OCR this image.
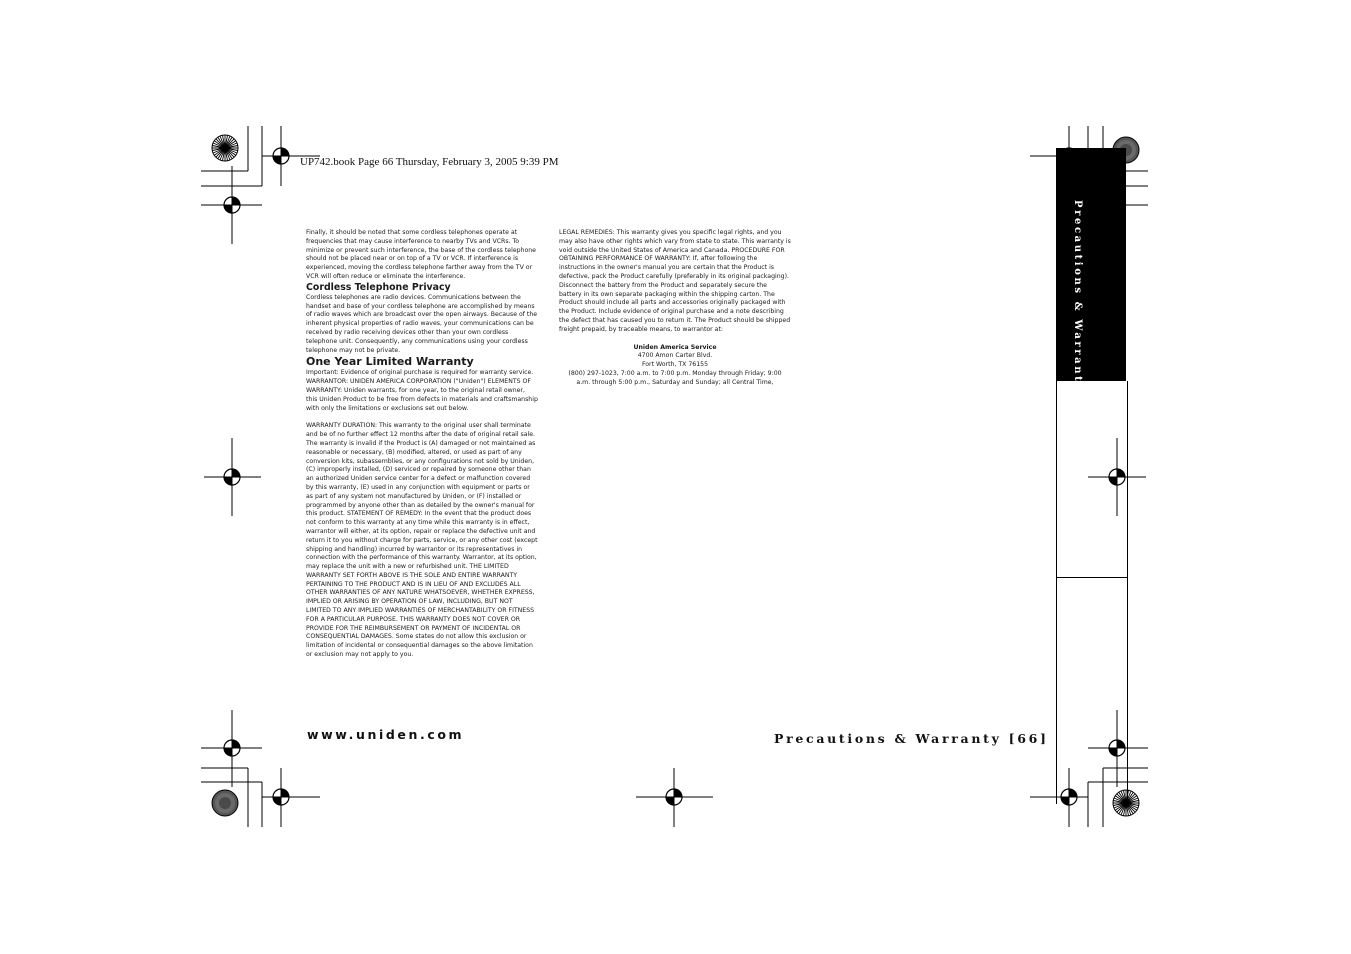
UP742.book Page 66 Thursday, February 3, 2005 9:39 PM
Precautions & Warranty

Finally, it should be noted that some cordless telephones operate at frequencies that may cause interference to nearby TVs and VCRs. To minimize or prevent such interference, the base of the cordless telephone should not be placed near or on top of a TV or VCR. If interference is experienced, moving the cordless telephone farther away from the TV or VCR will often reduce or eliminate the interference.

Cordless Telephone Privacy

Cordless telephones are radio devices. Communications between the handset and base of your cordless telephone are accomplished by means of radio waves which are broadcast over the open airways. Because of the inherent physical properties of radio waves, your communications can be received by radio receiving devices other than your own cordless telephone unit. Consequently, any communications using your cordless telephone may not be private.

One Year Limited Warranty

Important: Evidence of original purchase is required for warranty service.

WARRANTOR: UNIDEN AMERICA CORPORATION ("Uniden") ELEMENTS OF WARRANTY: Uniden warrants, for one year, to the original retail owner, this Uniden Product to be free from defects in materials and craftsmanship with only the limitations or exclusions set out below.

WARRANTY DURATION: This warranty to the original user shall terminate and be of no further effect 12 months after the date of original retail sale. The warranty is invalid if the Product is (A) damaged or not maintained as reasonable or necessary, (B) modified, altered, or used as part of any conversion kits, subassemblies, or any configurations not sold by Uniden, (C) improperly installed, (D) serviced or repaired by someone other than an authorized Uniden service center for a defect or malfunction covered by this warranty, (E) used in any conjunction with equipment or parts or as part of any system not manufactured by Uniden, or (F) installed or programmed by anyone other than as detailed by the owner's manual for this product. STATEMENT OF REMEDY: In the event that the product does not conform to this warranty at any time while this warranty is in effect, warrantor will either, at its option, repair or replace the defective unit and return it to you without charge for parts, service, or any other cost (except shipping and handling) incurred by warrantor or its representatives in connection with the performance of this warranty. Warrantor, at its option, may replace the unit with a new or refurbished unit. THE LIMITED WARRANTY SET FORTH ABOVE IS THE SOLE AND ENTIRE WARRANTY PERTAINING TO THE PRODUCT AND IS IN LIEU OF AND EXCLUDES ALL OTHER WARRANTIES OF ANY NATURE WHATSOEVER, WHETHER EXPRESS, IMPLIED OR ARISING BY OPERATION OF LAW, INCLUDING, BUT NOT LIMITED TO ANY IMPLIED WARRANTIES OF MERCHANTABILITY OR FITNESS FOR A PARTICULAR PURPOSE. THIS WARRANTY DOES NOT COVER OR PROVIDE FOR THE REIMBURSEMENT OR PAYMENT OF INCIDENTAL OR CONSEQUENTIAL DAMAGES. Some states do not allow this exclusion or limitation of incidental or consequential damages so the above limitation or exclusion may not apply to you.

LEGAL REMEDIES: This warranty gives you specific legal rights, and you may also have other rights which vary from state to state. This warranty is void outside the United States of America and Canada. PROCEDURE FOR OBTAINING PERFORMANCE OF WARRANTY: If, after following the instructions in the owner's manual you are certain that the Product is defective, pack the Product carefully (preferably in its original packaging). Disconnect the battery from the Product and separately secure the battery in its own separate packaging within the shipping carton. The Product should include all parts and accessories originally packaged with the Product. Include evidence of original purchase and a note describing the defect that has caused you to return it. The Product should be shipped freight prepaid, by traceable means, to warrantor at:

Uniden America Service

4700 Amon Carter Blvd.

Fort Worth, TX 76155

(800) 297-1023, 7:00 a.m. to 7:00 p.m. Monday through Friday; 9:00

a.m. through 5:00 p.m., Saturday and Sunday; all Central Time,

www.uniden.com	Precautions & Warranty [66]
